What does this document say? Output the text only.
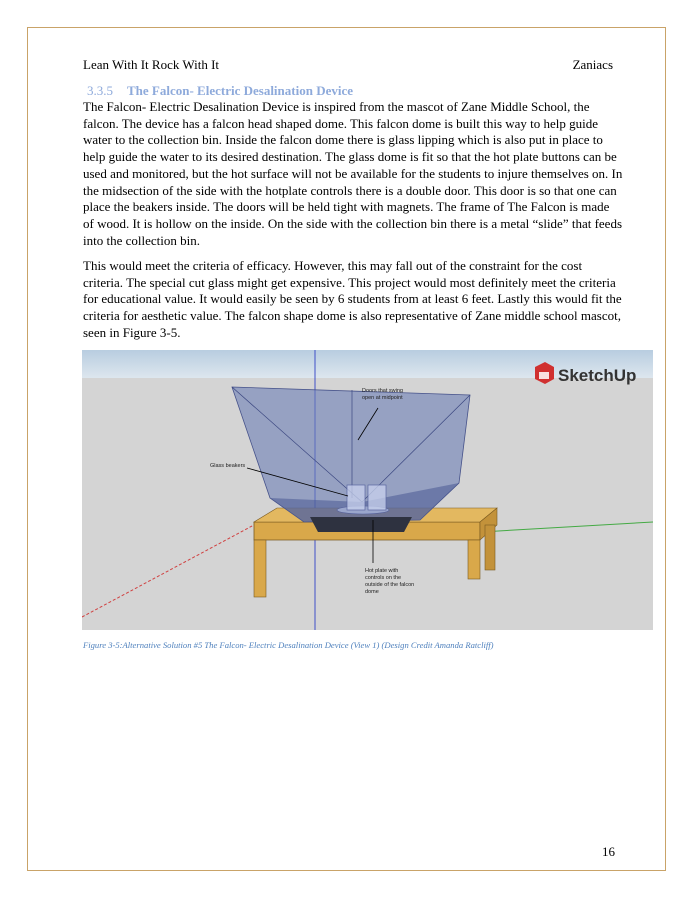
Lean With It Rock With It	Zaniacs
3.3.5 The Falcon- Electric Desalination Device

The Falcon- Electric Desalination Device is inspired from the mascot of Zane Middle School, the falcon. The device has a falcon head shaped dome. This falcon dome is built this way to help guide water to the collection bin. Inside the falcon dome there is glass lipping which is also put in place to help guide the water to its desired destination. The glass dome is fit so that the hot plate buttons can be used and monitored, but the hot surface will not be available for the students to injure themselves on. In the midsection of the side with the hotplate controls there is a double door. This door is so that one can place the beakers inside. The doors will be held tight with magnets. The frame of The Falcon is made of wood. It is hollow on the inside. On the side with the collection bin there is a metal “slide” that feeds into the collection bin.

This would meet the criteria of efficacy. However, this may fall out of the constraint for the cost criteria. The special cut glass might get expensive. This project would most definitely meet the criteria for educational value. It would easily be seen by 6 students from at least 6 feet. Lastly this would fit the criteria for aesthetic value. The falcon shape dome is also representative of Zane middle school mascot, seen in Figure 3-5.

Doors that swing
open at midpoint
Glass beakers
Hot plate with
controls on the
outside of the falcon
dome
SketchUp
Figure 3-5:Alternative Solution #5 The Falcon- Electric Desalination Device (View 1) (Design Credit Amanda Ratcliff)
16
